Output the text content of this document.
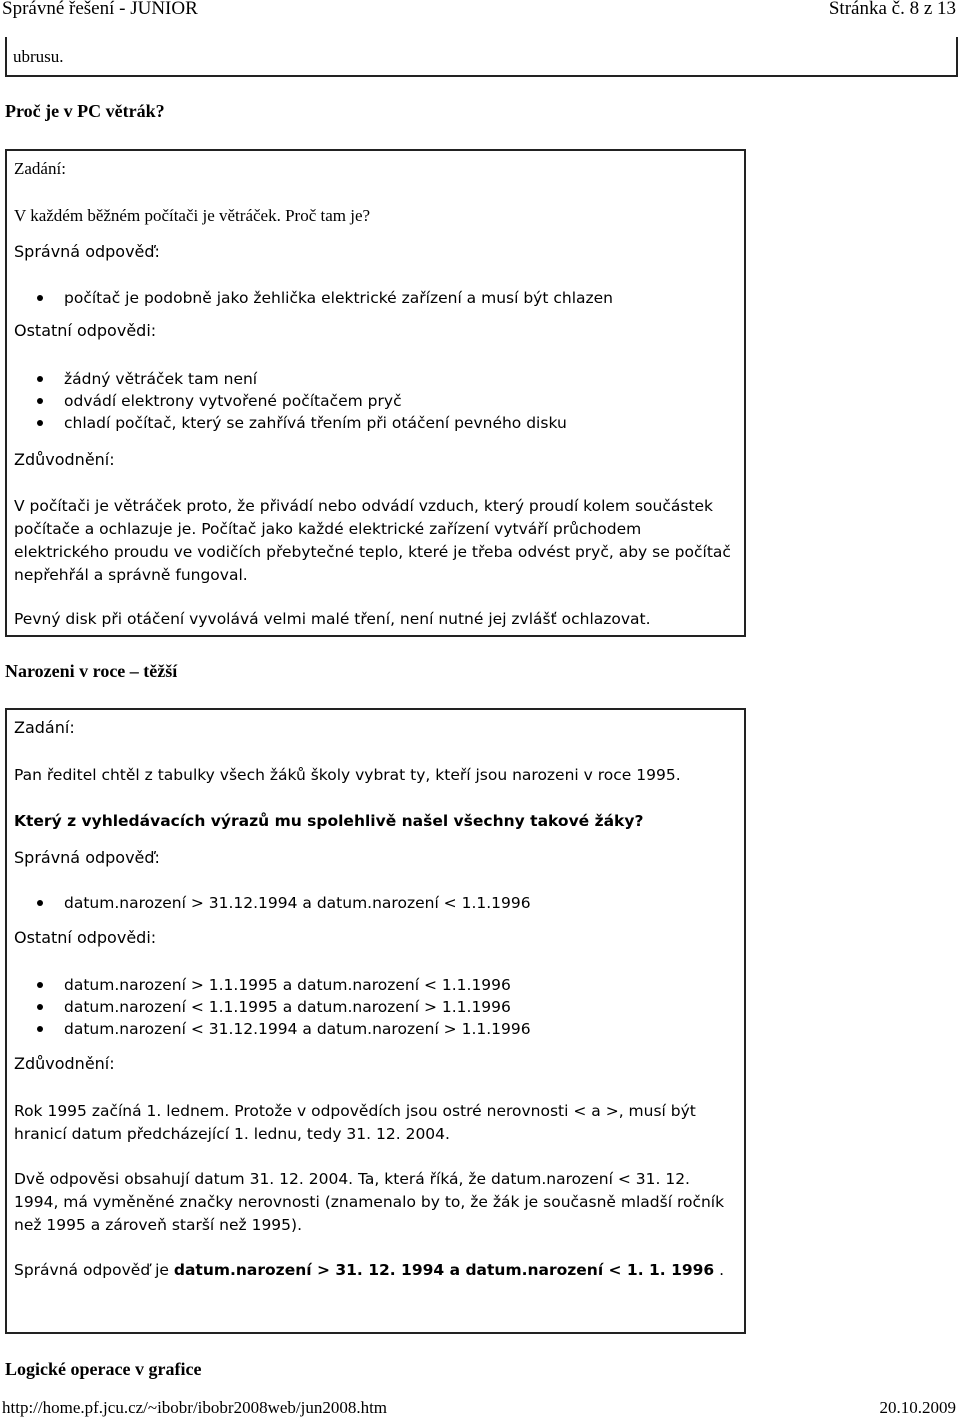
Správné řešení - JUNIOR	Stránka č. 8 z 13
ubrusu.
Proč je v PC větrák?
Zadání:
V každém běžném počítači je větráček. Proč tam je?
Správná odpověď:
počítač je podobně jako žehlička elektrické zařízení a musí být chlazen
Ostatní odpovědi:
žádný větráček tam není
odvádí elektrony vytvořené počítačem pryč
chladí počítač, který se zahřívá třením při otáčení pevného disku
Zdůvodnění:
V počítači je větráček proto, že přivádí nebo odvádí vzduch, který proudí kolem součástek počítače a ochlazuje je. Počítač jako každé elektrické zařízení vytváří průchodem elektrického proudu ve vodičích přebytečné teplo, které je třeba odvést pryč, aby se počítač nepřehřál a správně fungoval.
Pevný disk při otáčení vyvolává velmi malé tření, není nutné jej zvlášť ochlazovat.
Narozeni v roce – těžší
Zadání:
Pan ředitel chtěl z tabulky všech žáků školy vybrat ty, kteří jsou narozeni v roce 1995.
Který z vyhledávacích výrazů mu spolehlivě našel všechny takové žáky?
Správná odpověď:
datum.narození > 31.12.1994 a datum.narození < 1.1.1996
Ostatní odpovědi:
datum.narození > 1.1.1995 a datum.narození < 1.1.1996
datum.narození < 1.1.1995 a datum.narození > 1.1.1996
datum.narození < 31.12.1994 a datum.narození > 1.1.1996
Zdůvodnění:
Rok 1995 začíná 1. lednem. Protože v odpovědích jsou ostré nerovnosti < a >, musí být hranicí datum předcházející 1. lednu, tedy 31. 12. 2004.
Dvě odpověsi obsahují datum 31. 12. 2004. Ta, která říká, že datum.narození < 31. 12. 1994, má vyměněné značky nerovnosti (znamenalo by to, že žák je současně mladší ročník než 1995 a zároveň starší než 1995).
Správná odpověď je datum.narození > 31. 12. 1994 a datum.narození < 1. 1. 1996 .
Logické operace v grafice
http://home.pf.jcu.cz/~ibobr/ibobr2008web/jun2008.htm	20.10.2009
